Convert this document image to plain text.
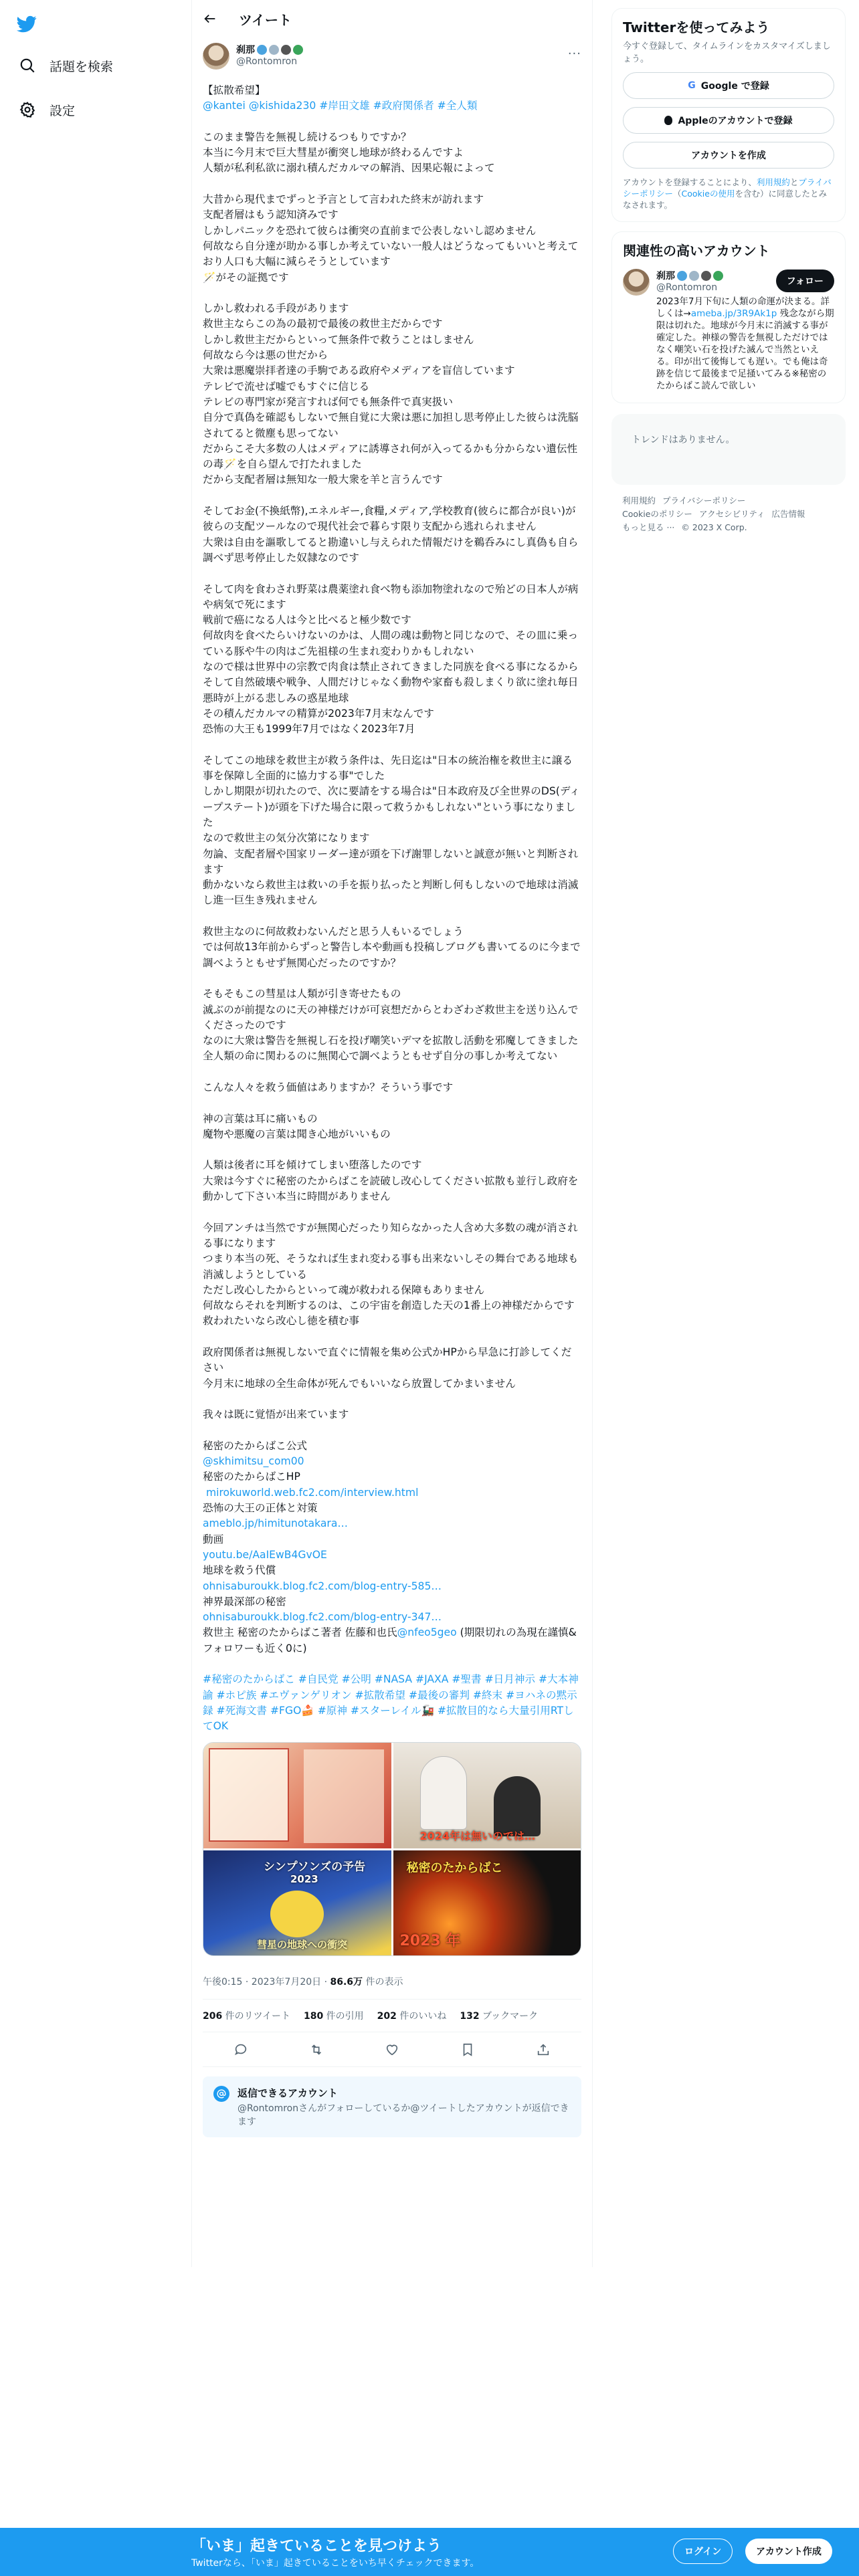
話題を検索
設定
ツイート
刹那
@Rontomron
···
【拡散希望】
@kantei @kishida230 #岸田文雄 #政府関係者 #全人類

このまま警告を無視し続けるつもりですか？
本当に今月末で巨大彗星が衝突し地球が終わるんですよ
人類が私利私欲に溺れ積んだカルマの解消、因果応報によって

大昔から現代までずっと予言として言われた終末が訪れます
支配者層はもう認知済みです
しかしパニックを恐れて彼らは衝突の直前まで公表しないし認めません
何故なら自分達が助かる事しか考えていない一般人はどうなってもいいと考えており人口も大幅に減らそうとしています
🪄がその証拠です

しかし救われる手段があります
救世主ならこの為の最初で最後の救世主だからです
しかし救世主だからといって無条件で救うことはしません
何故なら今は悪の世だから
大衆は悪魔崇拝者達の手駒である政府やメディアを盲信しています
テレビで流せば嘘でもすぐに信じる
テレビの専門家が発言すれば何でも無条件で真実扱い
自分で真偽を確認もしないで無自覚に大衆は悪に加担し思考停止した彼らは洗脳されてると微塵も思ってない
だからこそ大多数の人はメディアに誘導され何が入ってるかも分からない遺伝性の毒🪄を自ら望んで打たれました
だから支配者層は無知な一般大衆を羊と言うんです

そしてお金(不換紙幣),エネルギー,食糧,メディア,学校教育(彼らに都合が良い)が彼らの支配ツールなので現代社会で暮らす限り支配から逃れられません
大衆は自由を謳歌してると勘違いし与えられた情報だけを鵜呑みにし真偽も自ら調べず思考停止した奴隷なのです

そして肉を食わされ野菜は農薬塗れ食べ物も添加物塗れなので殆どの日本人が病や病気で死にます
戦前で癌になる人は今と比べると極少数です
何故肉を食べたらいけないのかは、人間の魂は動物と同じなので、その皿に乗っている豚や牛の肉はご先祖様の生まれ変わりかもしれない
なので様は世界中の宗教で肉食は禁止されてきました同族を食べる事になるから
そして自然破壊や戦争、人間だけじゃなく動物や家畜も殺しまくり欲に塗れ毎日悪時が上がる悲しみの惑星地球
その積んだカルマの精算が2023年7月末なんです
恐怖の大王も1999年7月ではなく2023年7月

そしてこの地球を救世主が救う条件は、先日迄は"日本の統治権を救世主に譲る事を保障し全面的に協力する事"でした
しかし期限が切れたので、次に要請をする場合は"日本政府及び全世界のDS(ディープステート)が頭を下げた場合に限って救うかもしれない"という事になりました
なので救世主の気分次第になります
勿論、支配者層や国家リーダー達が頭を下げ謝罪しないと誠意が無いと判断されます
動かないなら救世主は救いの手を振り払ったと判断し何もしないので地球は消滅し進一巨生き残れません

救世主なのに何故救わないんだと思う人もいるでしょう
では何故13年前からずっと警告し本や動画も投稿しブログも書いてるのに今まで調べようともせず無関心だったのですか？

そもそもこの彗星は人類が引き寄せたもの
滅ぶのが前提なのに天の神様だけが可哀想だからとわざわざ救世主を送り込んでくださったのです
なのに大衆は警告を無視し石を投げ嘲笑いデマを拡散し活動を邪魔してきました
全人類の命に関わるのに無関心で調べようともせず自分の事しか考えてない

こんな人々を救う価値はありますか？そういう事です

神の言葉は耳に痛いもの
魔物や悪魔の言葉は聞き心地がいいもの

人類は後者に耳を傾けてしまい堕落したのです
大衆は今すぐに秘密のたからばこを読破し改心してください拡散も並行し政府を動かして下さい本当に時間がありません

今回アンチは当然ですが無関心だったり知らなかった人含め大多数の魂が消される事になります
つまり本当の死、そうなれば生まれ変わる事も出来ないしその舞台である地球も消滅しようとしている
ただし改心したからといって魂が救われる保障もありません
何故ならそれを判断するのは、この宇宙を創造した天の1番上の神様だからです
救われたいなら改心し徳を積む事

政府関係者は無視しないで直ぐに情報を集め公式かHPから早急に打診してください
今月末に地球の全生命体が死んでもいいなら放置してかまいません

我々は既に覚悟が出来ています

秘密のたからばこ公式
@skhimitsu_com00
秘密のたからばこHP
mirokuworld.web.fc2.com/interview.html
恐怖の大王の正体と対策
ameblo.jp/himitunotakara…
動画
youtu.be/AaIEwB4GvOE
地球を救う代償
ohnisaburoukk.blog.fc2.com/blog-entry-585…
神界最深部の秘密
ohnisaburoukk.blog.fc2.com/blog-entry-347…
救世主 秘密のたからばこ著者 佐藤和也氏@nfeo5geo (期限切れの為現在謹慎&フォロワーも近く0に)

#秘密のたからばこ #自民党 #公明 #NASA #JAXA #聖書 #日月神示 #大本神諭 #ホピ族 #エヴァンゲリオン #拡散希望 #最後の審判 #終末 #ヨハネの黙示録 #死海文書 #FGO🍰 #原神 #スターレイル🚂 #拡散目的なら大量引用RTしてOK
2024年は無いのでは…
シンプソンズの予告
2023
彗星の地球への衝突
秘密のたからばこ
2023 年
午後0:15 · 2023年7月20日 · 86.6万 件の表示
206 件のリツイート 180 件の引用 202 件のいいね 132 ブックマーク
返信できるアカウント
@Rontomronさんがフォローしているか@ツイートしたアカウントが返信できます
Twitterを使ってみよう
今すぐ登録して、タイムラインをカスタマイズしましょう。
G Google で登録
Appleのアカウントで登録
アカウントを作成
アカウントを登録することにより、利用規約とプライバシーポリシー（Cookieの使用を含む）に同意したとみなされます。
関連性の高いアカウント
刹那
@Rontomron
フォロー
2023年7月下旬に人類の命運が決まる。詳しくは→ameba.jp/3R9Ak1p 残念ながら期限は切れた。地球が今月末に消滅する事が確定した。神様の警告を無視しただけではなく嘲笑い石を投げた滅んで当然といえる。印が出て後悔しても遅い。でも俺は奇跡を信じて最後まで足掻いてみる※秘密のたからばこ読んで欲しい
トレンドはありません。
利用規約 プライバシーポリシー
Cookieのポリシー アクセシビリティ 広告情報
もっと見る ··· © 2023 X Corp.
「いま」起きていることを見つけよう
Twitterなら、「いま」起きていることをいち早くチェックできます。
ログイン	アカウント作成
